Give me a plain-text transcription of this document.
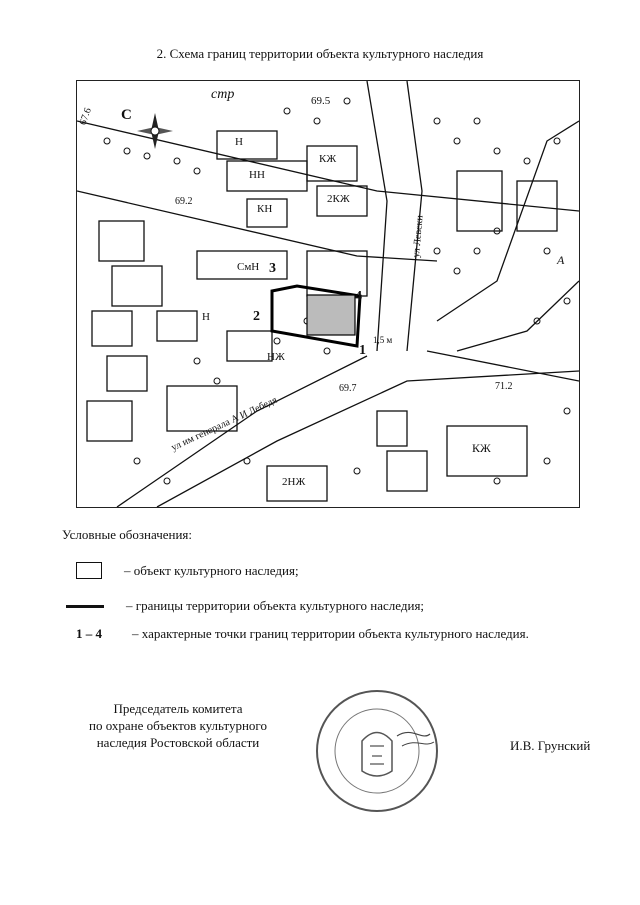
2. Схема границ территории объекта культурного наследия
С
стр	69.5
67.6
69.2
69.7	71.2
ул Левски
ул им генерала А И Лебедя
Н
НН
КЖ
КН
2КЖ
СмН	А
Н
2НЖ
НЖ
КЖ
1
2
3
4
1,5 м
Условные обозначения:
– объект культурного наследия;
– границы территории объекта культурного наследия;
1 – 4	– характерные точки границ территории объекта культурного наследия.
Председатель комитета
по охране объектов культурного
наследия Ростовской области	И.В. Грунский
